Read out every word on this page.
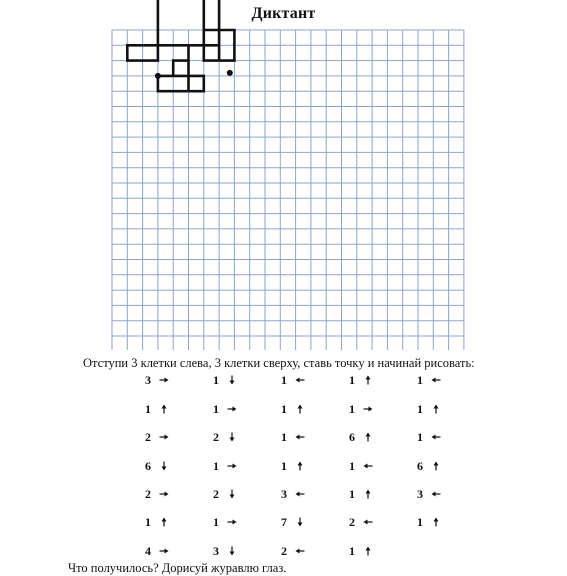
Диктант
Отступи 3 клетки слева, 3 клетки сверху, ставь точку и начинай рисовать:
3
1
2
6
2
1
4
1
1
2
1
2
1
3
1
1
1
1
3
7
2
1
1
6
1
1
2
1
1
1
1
6
3
1
Что получилось? Дорисуй журавлю глаз.
